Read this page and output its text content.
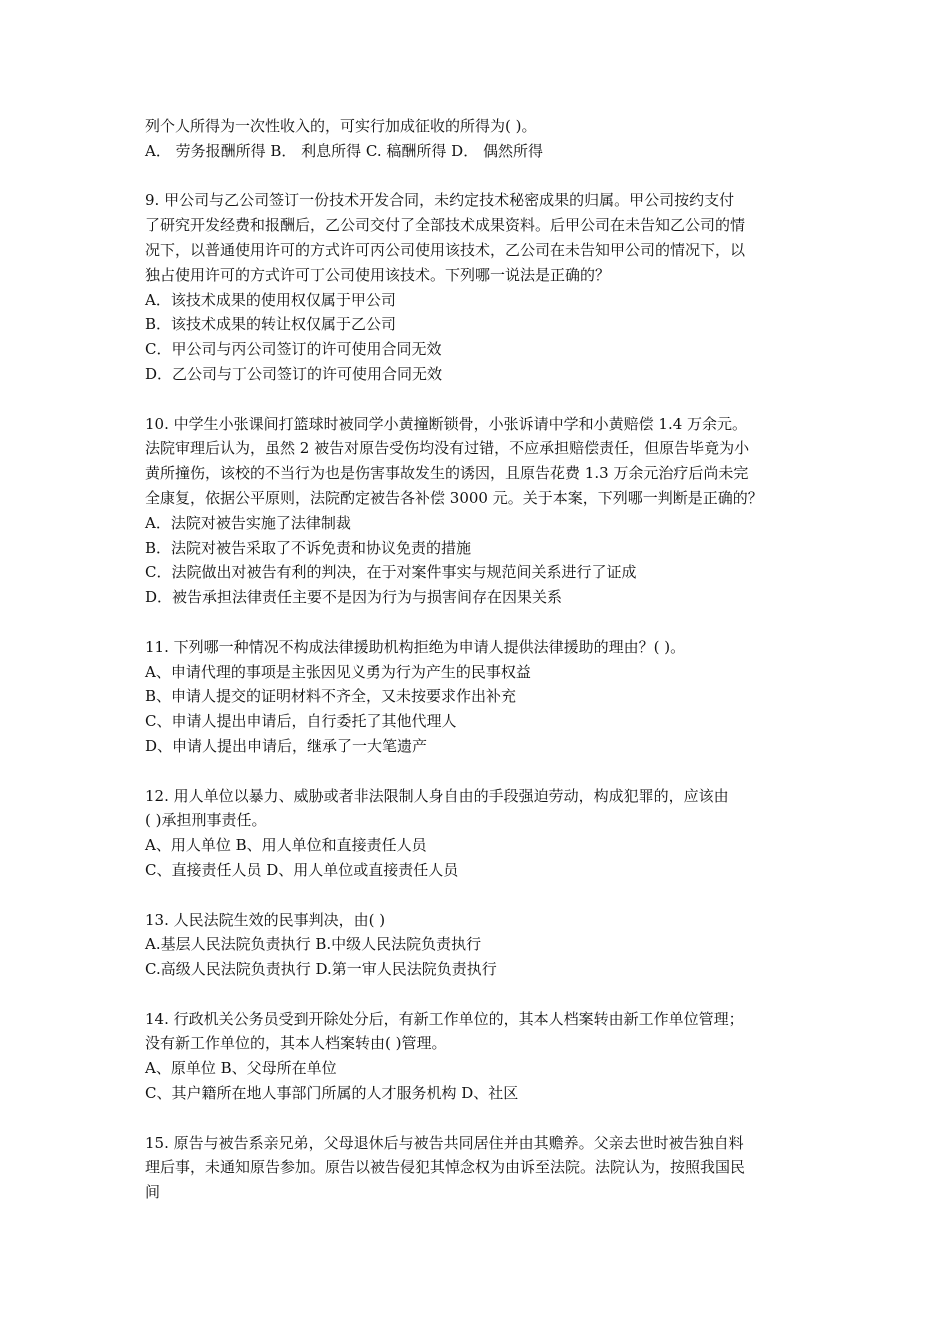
列个人所得为一次性收入的，可实行加成征收的所得为( )。

A． 劳务报酬所得 B． 利息所得 C. 稿酬所得 D． 偶然所得

9. 甲公司与乙公司签订一份技术开发合同，未约定技术秘密成果的归属。甲公司按约支付

了研究开发经费和报酬后，乙公司交付了全部技术成果资料。后甲公司在未告知乙公司的情

况下，以普通使用许可的方式许可丙公司使用该技术，乙公司在未告知甲公司的情况下，以

独占使用许可的方式许可丁公司使用该技术。下列哪一说法是正确的？

A．该技术成果的使用权仅属于甲公司

B．该技术成果的转让权仅属于乙公司

C．甲公司与丙公司签订的许可使用合同无效

D．乙公司与丁公司签订的许可使用合同无效

10. 中学生小张课间打篮球时被同学小黄撞断锁骨，小张诉请中学和小黄赔偿 1.4 万余元。

法院审理后认为，虽然 2 被告对原告受伤均没有过错，不应承担赔偿责任，但原告毕竟为小

黄所撞伤，该校的不当行为也是伤害事故发生的诱因，且原告花费 1.3 万余元治疗后尚未完

全康复，依据公平原则，法院酌定被告各补偿 3000 元。关于本案，下列哪一判断是正确的？

A．法院对被告实施了法律制裁

B．法院对被告采取了不诉免责和协议免责的措施

C．法院做出对被告有利的判决，在于对案件事实与规范间关系进行了证成

D．被告承担法律责任主要不是因为行为与损害间存在因果关系

11. 下列哪一种情况不构成法律援助机构拒绝为申请人提供法律援助的理由？( )。

A、申请代理的事项是主张因见义勇为行为产生的民事权益

B、申请人提交的证明材料不齐全，又未按要求作出补充

C、申请人提出申请后，自行委托了其他代理人

D、申请人提出申请后，继承了一大笔遗产

12. 用人单位以暴力、威胁或者非法限制人身自由的手段强迫劳动，构成犯罪的，应该由

( )承担刑事责任。

A、用人单位 B、用人单位和直接责任人员

C、直接责任人员 D、用人单位或直接责任人员

13. 人民法院生效的民事判决，由( )

A.基层人民法院负责执行 B.中级人民法院负责执行

C.高级人民法院负责执行 D.第一审人民法院负责执行

14. 行政机关公务员受到开除处分后，有新工作单位的，其本人档案转由新工作单位管理；

没有新工作单位的，其本人档案转由( )管理。

A、原单位 B、父母所在单位

C、其户籍所在地人事部门所属的人才服务机构 D、社区

15. 原告与被告系亲兄弟，父母退休后与被告共同居住并由其赡养。父亲去世时被告独自料

理后事，未通知原告参加。原告以被告侵犯其悼念权为由诉至法院。法院认为，按照我国民

间
